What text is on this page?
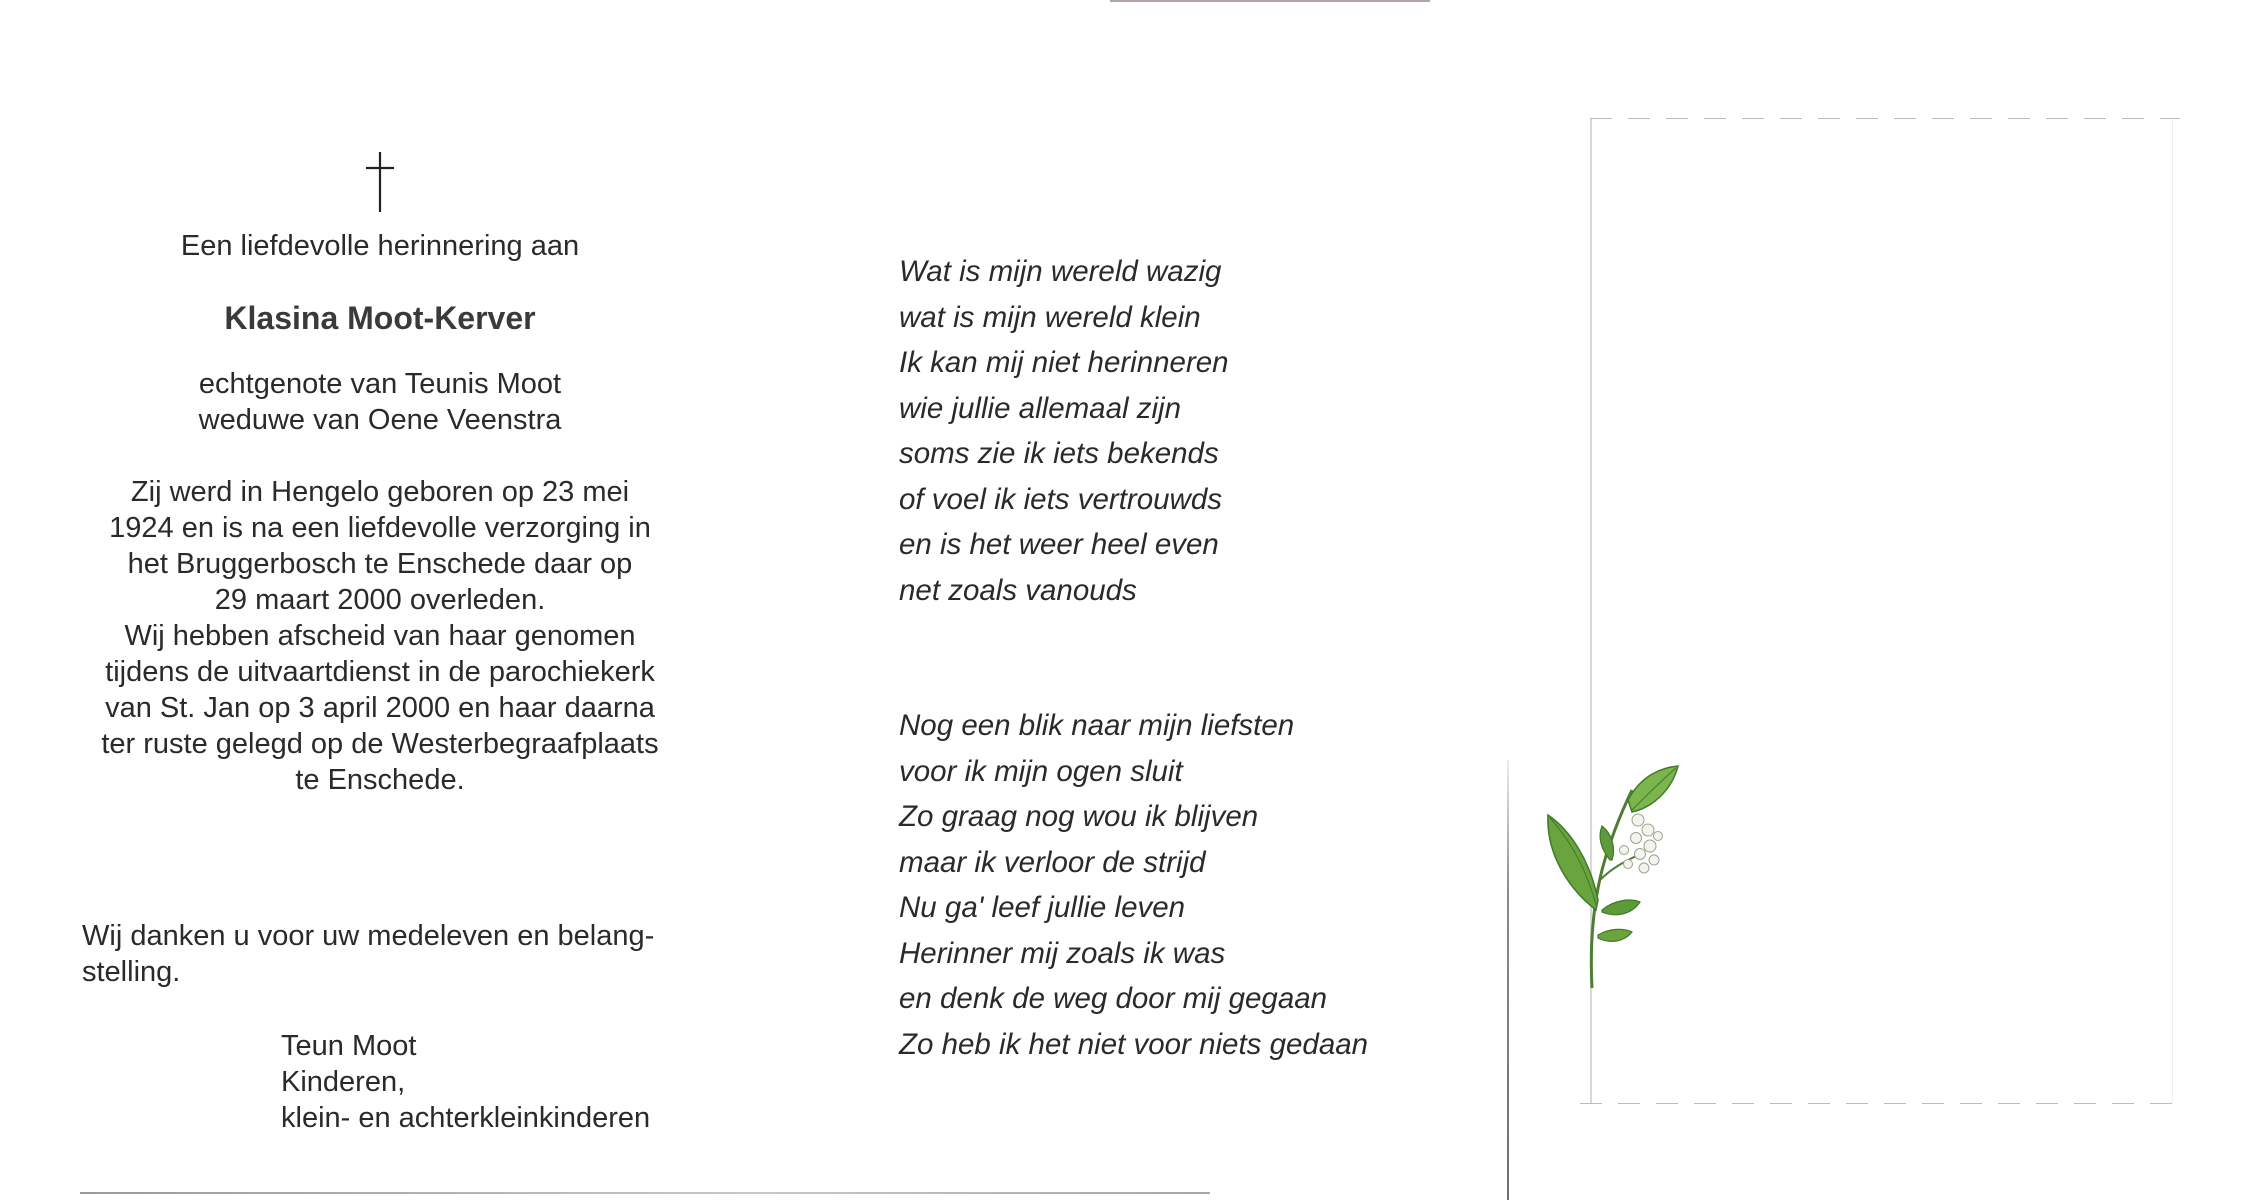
Een liefdevolle herinnering aan
Klasina Moot-Kerver
echtgenote van Teunis Moot
weduwe van Oene Veenstra
Zij werd in Hengelo geboren op 23 mei
1924 en is na een liefdevolle verzorging in
het Bruggerbosch te Enschede daar op
29 maart 2000 overleden.
Wij hebben afscheid van haar genomen
tijdens de uitvaartdienst in de parochiekerk
van St. Jan op 3 april 2000 en haar daarna
ter ruste gelegd op de Westerbegraafplaats
te Enschede.
Wij danken u voor uw medeleven en belang-
stelling.
Teun Moot
Kinderen,
klein- en achterkleinkinderen
Wat is mijn wereld wazig
wat is mijn wereld klein
Ik kan mij niet herinneren
wie jullie allemaal zijn
soms zie ik iets bekends
of voel ik iets vertrouwds
en is het weer heel even
net zoals vanouds
Nog een blik naar mijn liefsten
voor ik mijn ogen sluit
Zo graag nog wou ik blijven
maar ik verloor de strijd
Nu ga' leef jullie leven
Herinner mij zoals ik was
en denk de weg door mij gegaan
Zo heb ik het niet voor niets gedaan
